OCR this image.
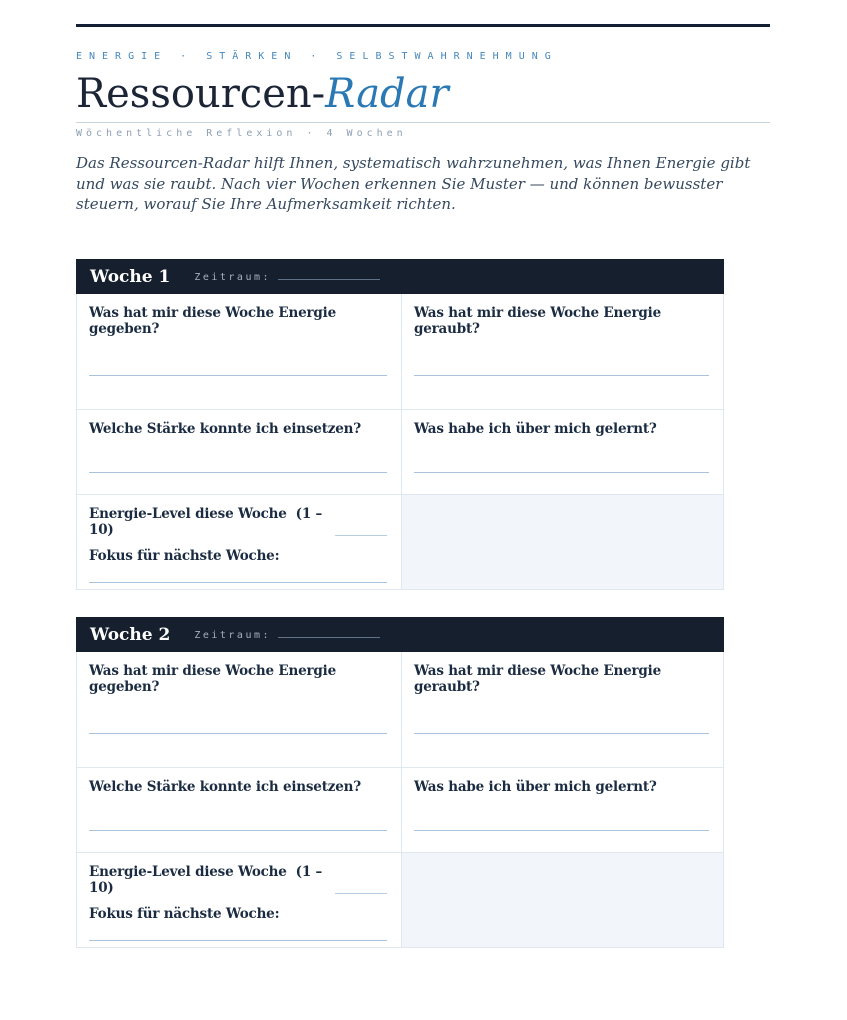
ENERGIE · STÄRKEN · SELBSTWAHRNEHMUNG
Ressourcen-Radar
Wöchentliche Reflexion · 4 Wochen

Das Ressourcen-Radar hilft Ihnen, systematisch wahrzunehmen, was Ihnen Energie gibt und was sie raubt. Nach vier Wochen erkennen Sie Muster — und können bewusster steuern, worauf Sie Ihre Aufmerksamkeit richten.

Woche 1 Zeitraum:
Was hat mir diese Woche Energie gegeben?
Was hat mir diese Woche Energie geraubt?
Welche Stärke konnte ich einsetzen?	Was habe ich über mich gelernt?
Energie-Level diese Woche  (1 – 10)
Fokus für nächste Woche:
Woche 2 Zeitraum:
Was hat mir diese Woche Energie gegeben?
Was hat mir diese Woche Energie geraubt?
Welche Stärke konnte ich einsetzen?	Was habe ich über mich gelernt?
Energie-Level diese Woche  (1 – 10)
Fokus für nächste Woche:
